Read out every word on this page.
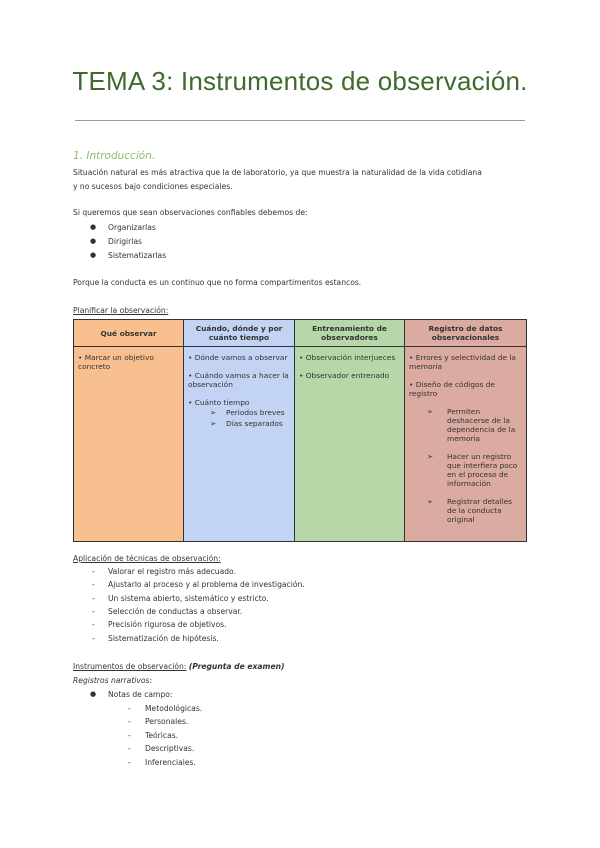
TEMA 3: Instrumentos de observación.
1. Introducción.
Situación natural es más atractiva que la de laboratorio, ya que muestra la naturalidad de la vida cotidiana
y no sucesos bajo condiciones especiales.
Si queremos que sean observaciones confiables debemos de:
● Organizarlas
● Dirigirlas
● Sistematizarlas
Porque la conducta es un continuo que no forma compartimentos estancos.
Planificar la observación:
Qué observar
• Marcar un objetivo concreto
Cuándo, dónde y por cuánto tiempo
• Dónde vamos a observar
• Cuándo vamos a hacer la observación
• Cuánto tiempo
➢ Periodos breves
➢ Días separados
Entrenamiento de observadores
• Observación interjueces
• Observador entrenado
Registro de datos observacionales
• Errores y selectividad de la memoria
• Diseño de códigos de registro
➢ Permiten deshacerse de la dependencia de la memoria
➢ Hacer un registro que interfiera poco en el proceso de información
➢ Registrar detalles de la conducta original
Aplicación de técnicas de observación:
- Valorar el registro más adecuado.
- Ajustarlo al proceso y al problema de investigación.
- Un sistema abierto, sistemático y estricto.
- Selección de conductas a observar.
- Precisión rigurosa de objetivos.
- Sistematización de hipótesis.
Instrumentos de observación: (Pregunta de examen)
Registros narrativos:
● Notas de campo:
- Metodológicas.
- Personales.
- Teóricas.
- Descriptivas.
- Inferenciales.
